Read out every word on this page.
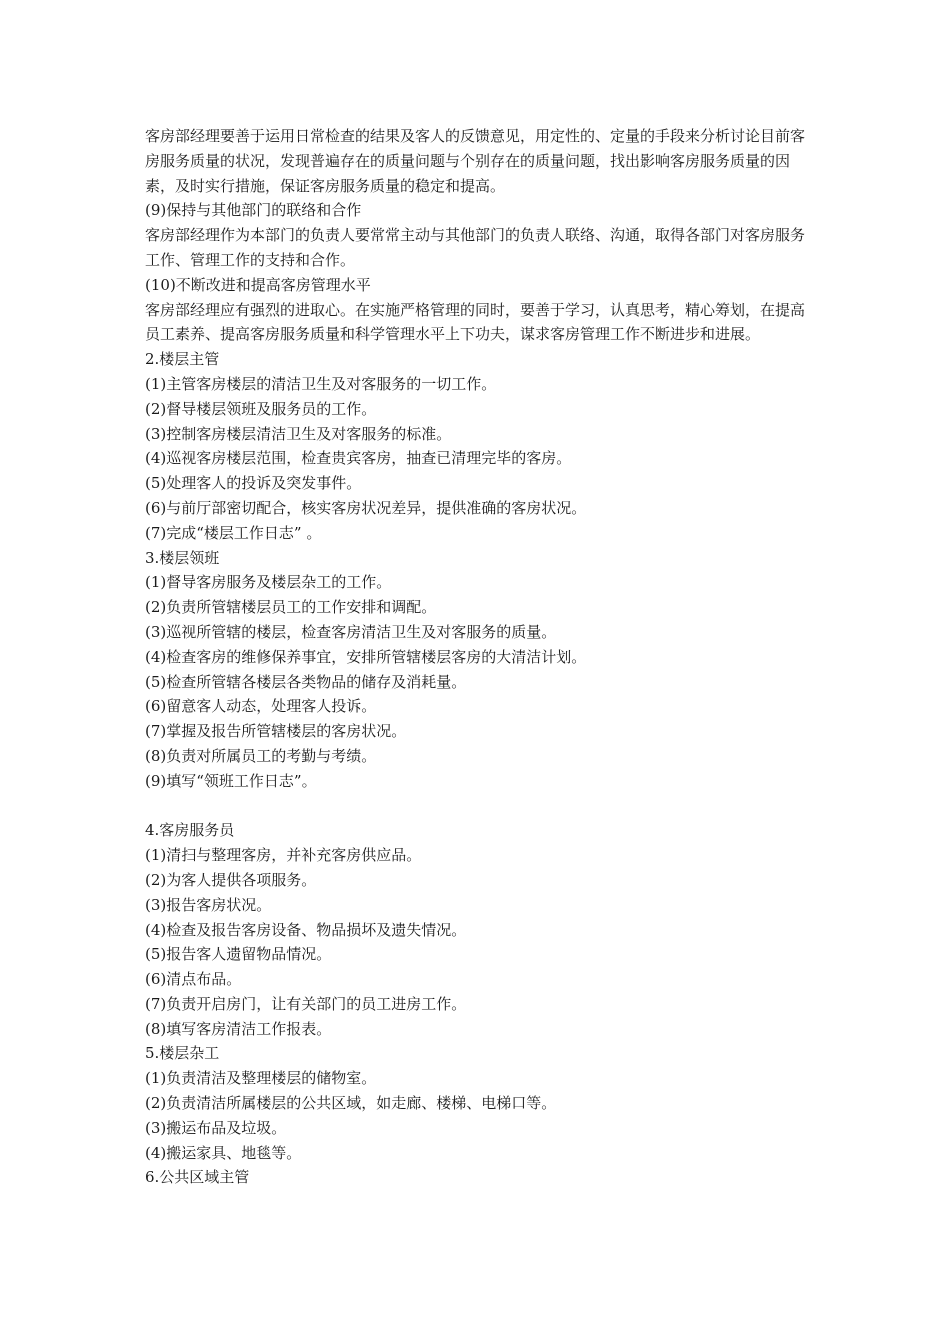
客房部经理要善于运用日常检查的结果及客人的反馈意见，用定性的、定量的手段来分析讨论目前客房服务质量的状况，发现普遍存在的质量问题与个别存在的质量问题，找出影响客房服务质量的因素，及时实行措施，保证客房服务质量的稳定和提高。

(9)保持与其他部门的联络和合作

客房部经理作为本部门的负责人要常常主动与其他部门的负责人联络、沟通，取得各部门对客房服务工作、管理工作的支持和合作。

(10)不断改进和提高客房管理水平

客房部经理应有强烈的进取心。在实施严格管理的同时，要善于学习，认真思考，精心筹划，在提高员工素养、提高客房服务质量和科学管理水平上下功夫，谋求客房管理工作不断进步和进展。

2.楼层主管

(1)主管客房楼层的清洁卫生及对客服务的一切工作。

(2)督导楼层领班及服务员的工作。

(3)控制客房楼层清洁卫生及对客服务的标准。

(4)巡视客房楼层范围，检查贵宾客房，抽查已清理完毕的客房。

(5)处理客人的投诉及突发事件。

(6)与前厅部密切配合，核实客房状况差异，提供准确的客房状况。

(7)完成“楼层工作日志” 。

3.楼层领班

(1)督导客房服务及楼层杂工的工作。

(2)负责所管辖楼层员工的工作安排和调配。

(3)巡视所管辖的楼层，检查客房清洁卫生及对客服务的质量。

(4)检查客房的维修保养事宜，安排所管辖楼层客房的大清洁计划。

(5)检查所管辖各楼层各类物品的储存及消耗量。

(6)留意客人动态，处理客人投诉。

(7)掌握及报告所管辖楼层的客房状况。

(8)负责对所属员工的考勤与考绩。

(9)填写“领班工作日志”。

4.客房服务员

(1)清扫与整理客房，并补充客房供应品。

(2)为客人提供各项服务。

(3)报告客房状况。

(4)检查及报告客房设备、物品损坏及遗失情况。

(5)报告客人遗留物品情况。

(6)清点布品。

(7)负责开启房门，让有关部门的员工进房工作。

(8)填写客房清洁工作报表。

5.楼层杂工

(1)负责清洁及整理楼层的储物室。

(2)负责清洁所属楼层的公共区域，如走廊、楼梯、电梯口等。

(3)搬运布品及垃圾。

(4)搬运家具、地毯等。

6.公共区域主管
